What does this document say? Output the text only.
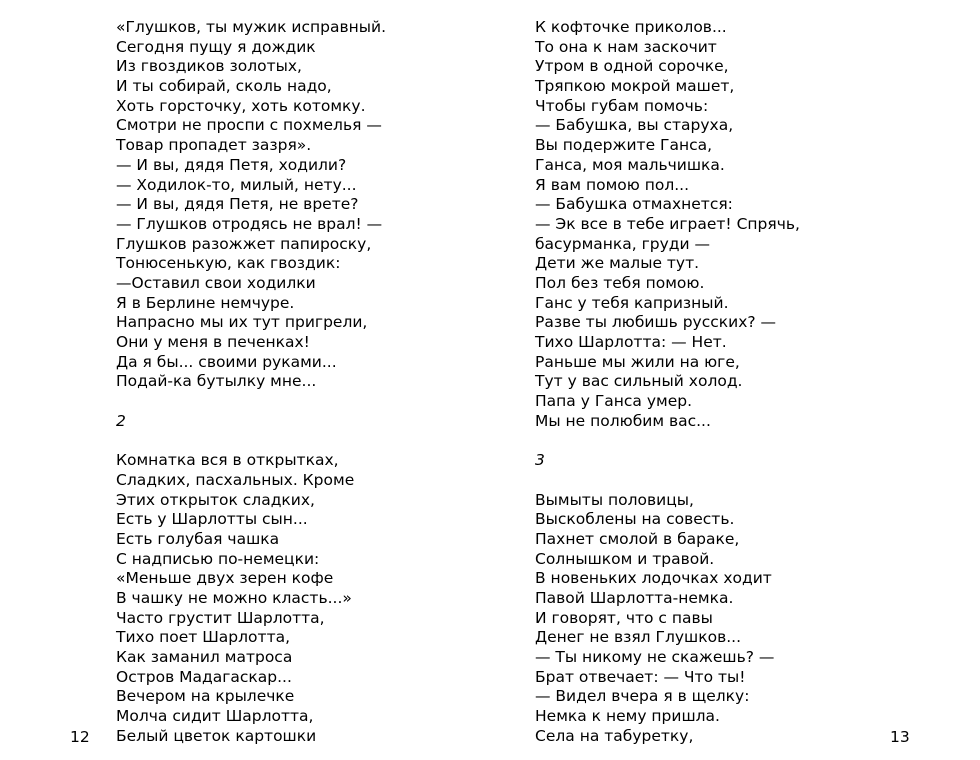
«Глушков, ты мужик исправный.
Сегодня пущу я дождик
Из гвоздиков золотых,
И ты собирай, сколь надо,
Хоть горсточку, хоть котомку.
Смотри не проспи с похмелья —
Товар пропадет зазря».
— И вы, дядя Петя, ходили?
— Ходилок-то, милый, нету...
— И вы, дядя Петя, не врете?
— Глушков отродясь не врал! —
Глушков разожжет папироску,
Тонюсенькую, как гвоздик:
—Оставил свои ходилки
Я в Берлине немчуре.
Напрасно мы их тут пригрели,
Они у меня в печенках!
Да я бы... своими руками...
Подай-ка бутылку мне...
2
Комнатка вся в открытках,
Сладких, пасхальных. Кроме
Этих открыток сладких,
Есть у Шарлотты сын...
Есть голубая чашка
С надписью по-немецки:
«Меньше двух зерен кофе
В чашку не можно класть...»
Часто грустит Шарлотта,
Тихо поет Шарлотта,
Как заманил матроса
Остров Мадагаскар...
Вечером на крылечке
Молча сидит Шарлотта,
Белый цветок картошки
12
К кофточке приколов...
То она к нам заскочит
Утром в одной сорочке,
Тряпкою мокрой машет,
Чтобы губам помочь:
— Бабушка, вы старуха,
Вы подержите Ганса,
Ганса, моя мальчишка.
Я вам помою пол...
— Бабушка отмахнется:
— Эк все в тебе играет! Спрячь,
басурманка, груди —
Дети же малые тут.
Пол без тебя помою.
Ганс у тебя капризный.
Разве ты любишь русских? —
Тихо Шарлотта: — Нет.
Раньше мы жили на юге,
Тут у вас сильный холод.
Папа у Ганса умер.
Мы не полюбим вас...
3
Вымыты половицы,
Выскоблены на совесть.
Пахнет смолой в бараке,
Солнышком и травой.
В новеньких лодочках ходит
Павой Шарлотта-немка.
И говорят, что с павы
Денег не взял Глушков...
— Ты никому не скажешь? —
Брат отвечает: — Что ты!
— Видел вчера я в щелку:
Немка к нему пришла.
Села на табуретку,	13
